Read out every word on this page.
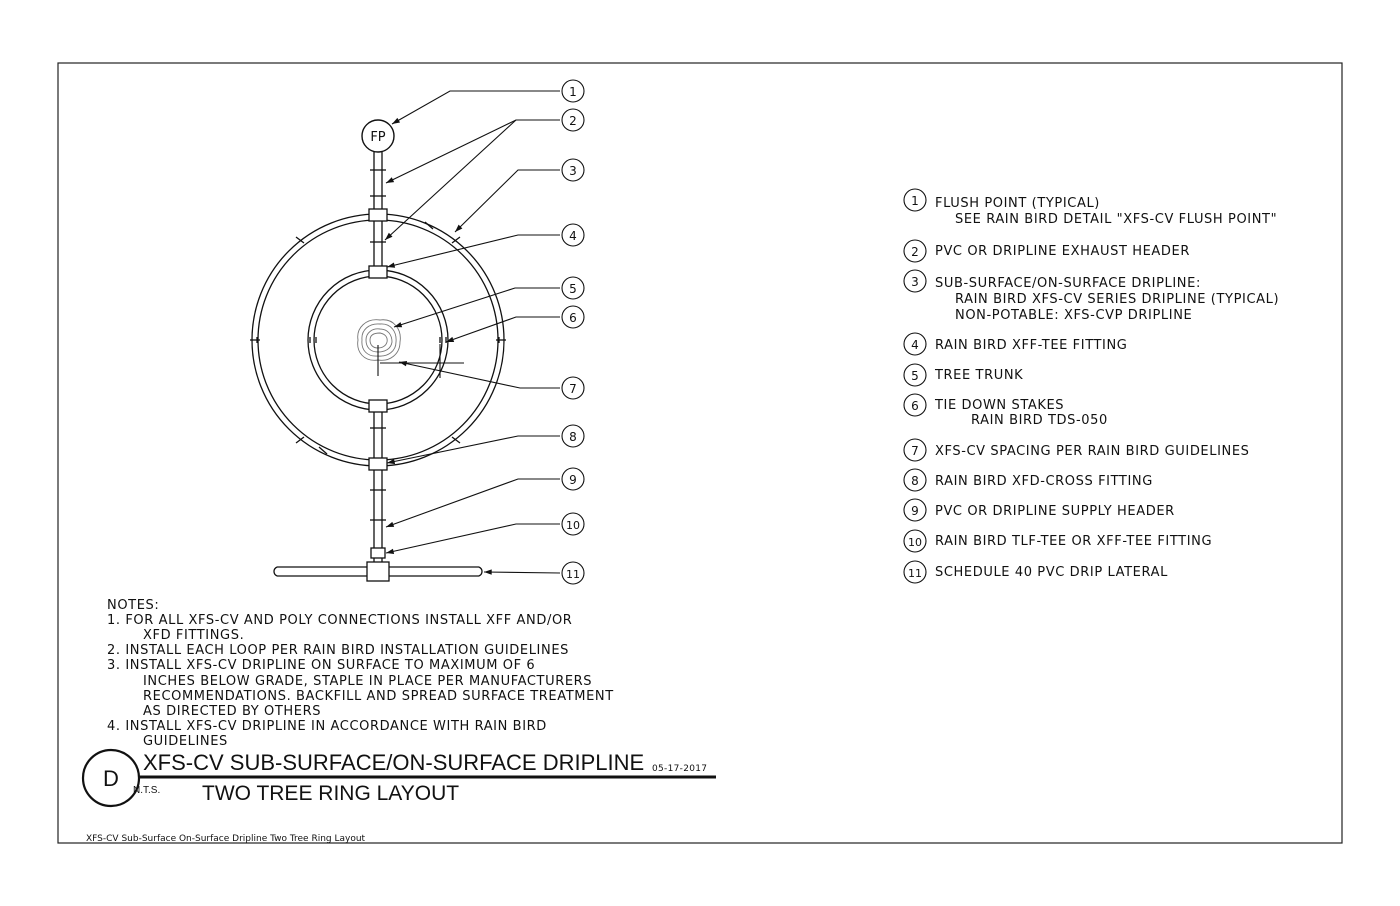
FP
1
2
3
4
5
6
7
8
9
10
11
1 FLUSH POINT (TYPICAL)
SEE RAIN BIRD DETAIL "XFS-CV FLUSH POINT"
2 PVC OR DRIPLINE EXHAUST HEADER
3 SUB-SURFACE/ON-SURFACE DRIPLINE:
RAIN BIRD XFS-CV SERIES DRIPLINE (TYPICAL)
NON-POTABLE: XFS-CVP DRIPLINE
4 RAIN BIRD XFF-TEE FITTING
5 TREE TRUNK
6 TIE DOWN STAKES
RAIN BIRD TDS-050
7 XFS-CV SPACING PER RAIN BIRD GUIDELINES
8 RAIN BIRD XFD-CROSS FITTING
9 PVC OR DRIPLINE SUPPLY HEADER
10 RAIN BIRD TLF-TEE OR XFF-TEE FITTING
11 SCHEDULE 40 PVC DRIP LATERAL
NOTES:
1. FOR ALL XFS-CV AND POLY CONNECTIONS INSTALL XFF AND/OR
XFD FITTINGS.
2. INSTALL EACH LOOP PER RAIN BIRD INSTALLATION GUIDELINES
3. INSTALL XFS-CV DRIPLINE ON SURFACE TO MAXIMUM OF 6
INCHES BELOW GRADE, STAPLE IN PLACE PER MANUFACTURERS
RECOMMENDATIONS. BACKFILL AND SPREAD SURFACE TREATMENT
AS DIRECTED BY OTHERS
4. INSTALL XFS-CV DRIPLINE IN ACCORDANCE WITH RAIN BIRD
GUIDELINES
D
XFS-CV SUB-SURFACE/ON-SURFACE DRIPLINE 05-17-2017
N.T.S. TWO TREE RING LAYOUT
XFS-CV Sub-Surface On-Surface Dripline Two Tree Ring Layout
